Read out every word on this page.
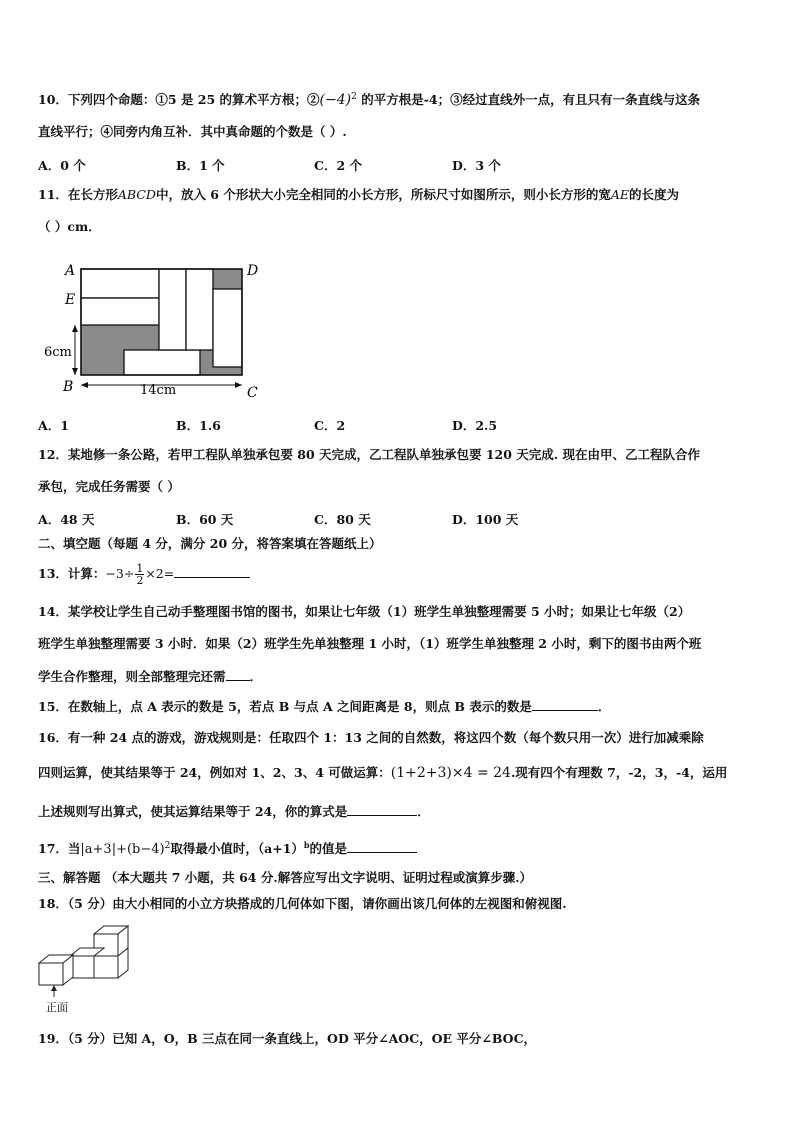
10．下列四个命题：①5 是 25 的算术平方根；$②(-4)^2$ 的平方根是-4；③经过直线外一点，有且只有一条直线与这条
直线平行；④同旁内角互补．其中真命题的个数是（ ）.
A．0 个	B．1 个	C．2 个	D．3 个
11．在长方形ABCD中，放入 6 个形状大小完全相同的小长方形，所标尺寸如图所示，则小长方形的宽AE的长度为
（ ）cm．
A	D
E
B	C
6cm
14cm
A．1	B．1.6	C．2	D．2.5
12．某地修一条公路，若甲工程队单独承包要 80 天完成，乙工程队单独承包要 120 天完成. 现在由甲、乙工程队合作
承包，完成任务需要（ ）
A．48 天	B．60 天	C．80 天	D．100 天
二、填空题（每题 4 分，满分 20 分，将答案填在答题纸上）
13．计算：$-3\div \frac{1}{2} \times 2=$
14．某学校让学生自己动手整理图书馆的图书，如果让七年级（1）班学生单独整理需要 5 小时；如果让七年级（2）
班学生单独整理需要 3 小时．如果（2）班学生先单独整理 1 小时，（1）班学生单独整理 2 小时，剩下的图书由两个班
学生合作整理，则全部整理完还需 ．
15．在数轴上，点 A 表示的数是 5，若点 B 与点 A 之间距离是 8，则点 B 表示的数是	．
16．有一种 24 点的游戏，游戏规则是：任取四个 1：13 之间的自然数，将这四个数（每个数只用一次）进行加减乘除
四则运算，使其结果等于 24，例如对 1、2、3、4 可做运算：(1+2+3)×4 = 24.现有四个有理数 7，-2，3，-4，运用
上述规则写出算式，使其运算结果等于 24，你的算式是	．
17．当$|a+3|+(b-4)^2$取得最小值时，$(a+1)^b$的值是
三、解答题 （本大题共 7 小题，共 64 分.解答应写出文字说明、证明过程或演算步骤.）
18．（5 分）由大小相同的小立方块搭成的几何体如下图，请你画出该几何体的左视图和俯视图.
正面
19．（5 分）已知 A，O，B 三点在同一条直线上，OD 平分∠AOC，OE 平分∠BOC，
